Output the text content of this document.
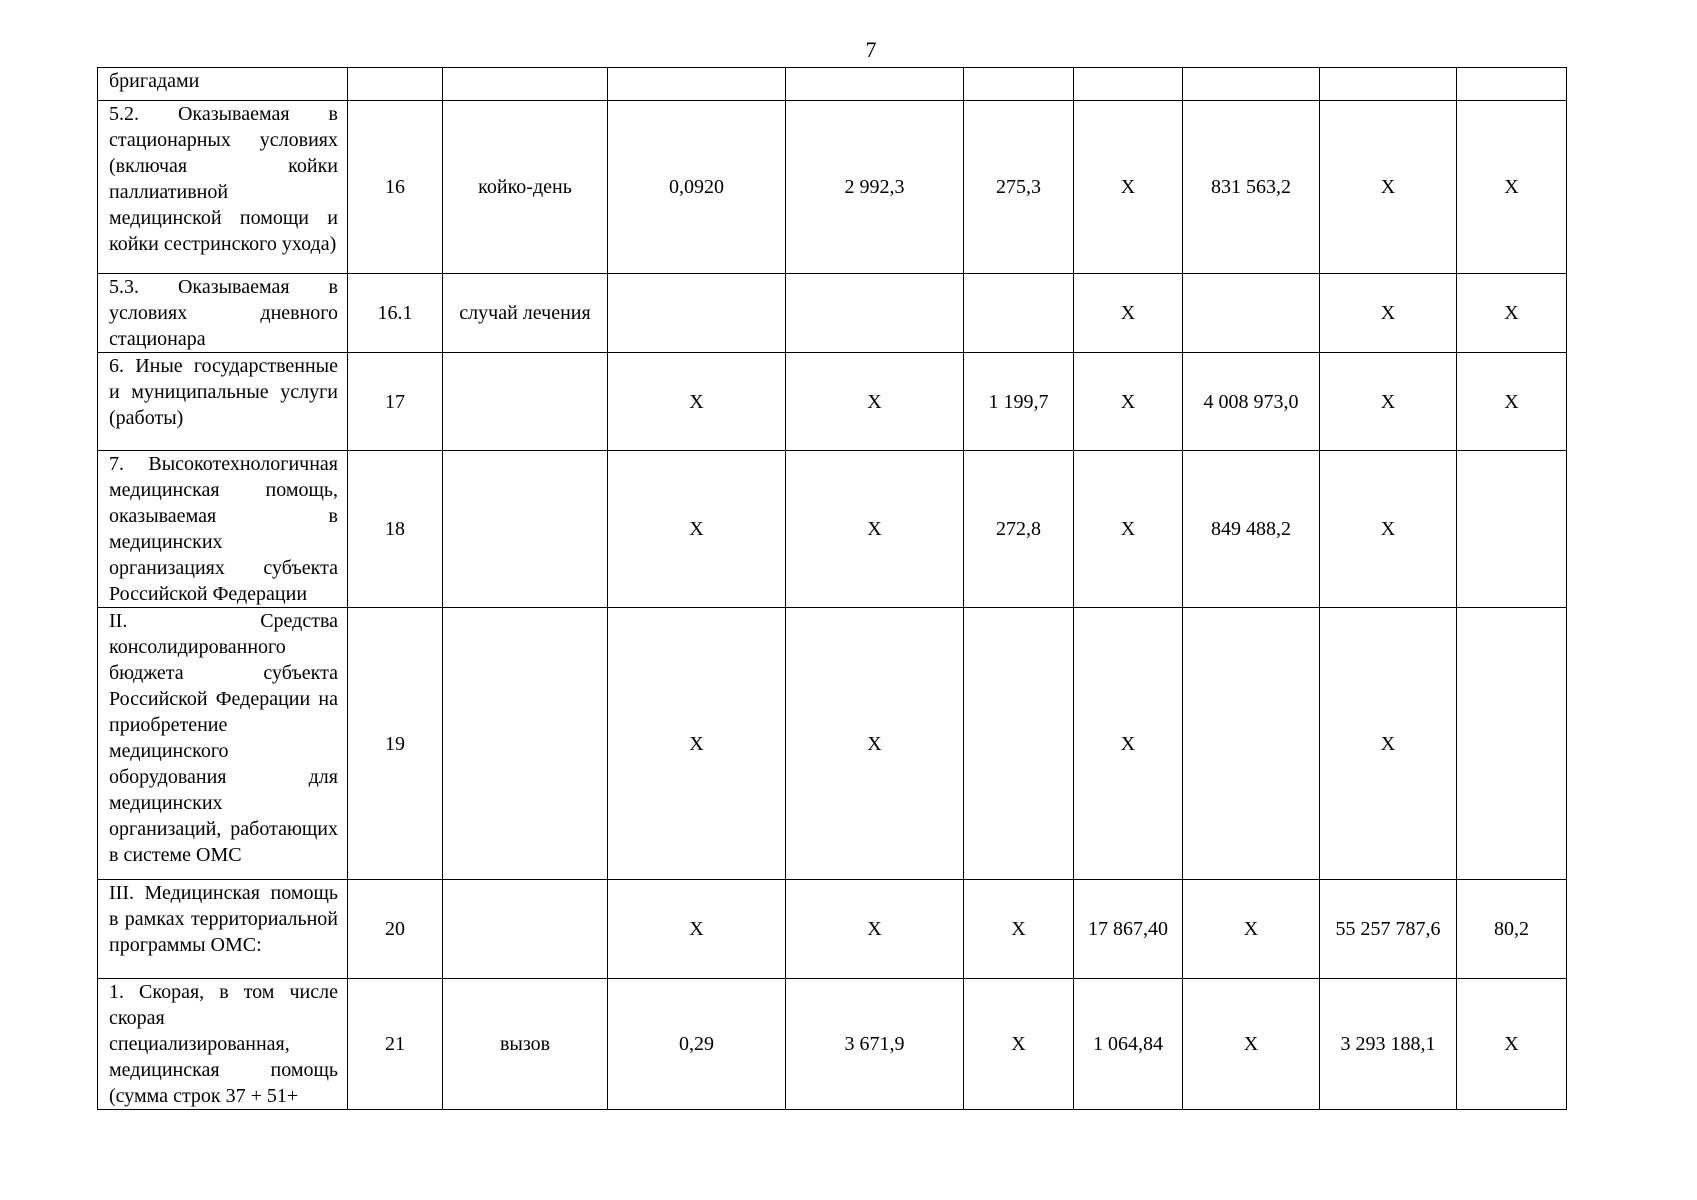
7
бригадами									
5.2. Оказываемая в стационарных условиях (включая койки паллиативной медицинской помощи и койки сестринского ухода)	16	койко-день	0,0920	2 992,3	275,3	X	831 563,2	X	X
5.3. Оказываемая в условиях дневного стационара	16.1	случай лечения				X		X	X
6. Иные государственные и муниципальные услуги (работы)	17		X	X	1 199,7	X	4 008 973,0	X	X
7. Высокотехнологичная медицинская помощь, оказываемая в медицинских организациях субъекта Российской Федерации	18		X	X	272,8	X	849 488,2	X	
II. Средства консолидированного бюджета субъекта Российской Федерации на приобретение медицинского оборудования для медицинских организаций, работающих в системе ОМС	19		X	X		X		X	
III. Медицинская помощь в рамках территориальной программы ОМС:	20		X	X	X	17 867,40	X	55 257 787,6	80,2
1. Скорая, в том числе скорая специализированная, медицинская помощь (сумма строк 37 + 51+	21	вызов	0,29	3 671,9	X	1 064,84	X	3 293 188,1	X
